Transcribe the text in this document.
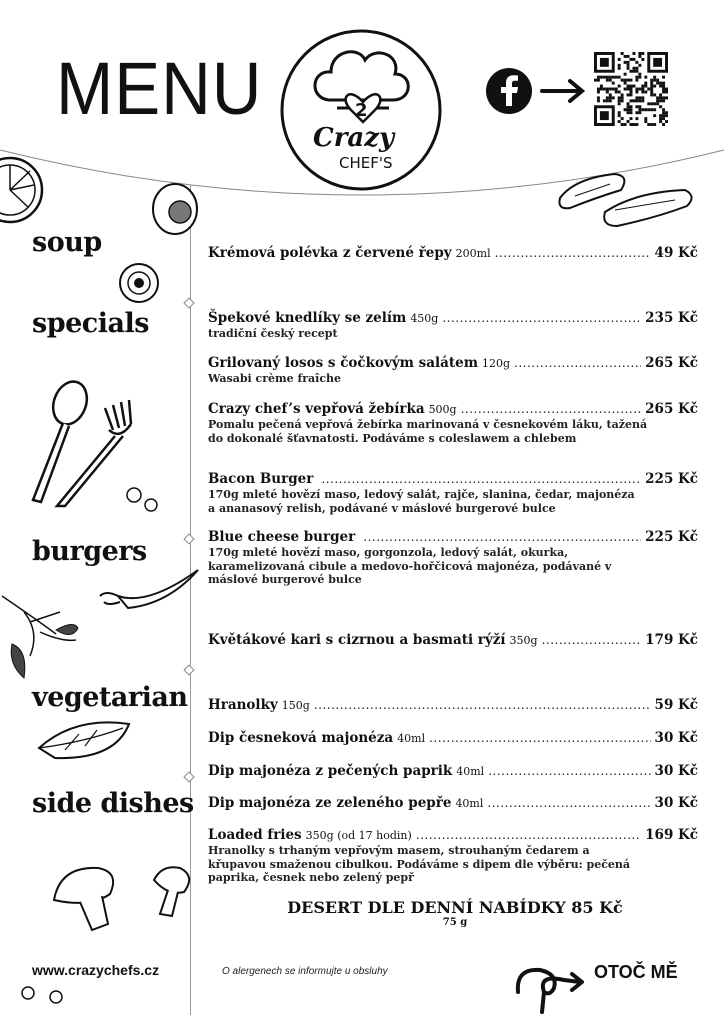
MENU	2
Crazy
CHEF'S
soup
specials
burgers
vegetarian
side dishes
Krémová polévka z červené řepy 200ml .....	49 Kč
Špekové knedlíky se zelím 450g .....	235 Kč
tradiční český recept
Grilovaný losos s čočkovým salátem 120g .....	265 Kč
Wasabi crème fraîche
Crazy chef’s vepřová žebírka 500g .....	265 Kč
Pomalu pečená vepřová žebírka marinovaná v česnekovém láku, tažená do dokonalé šťavnatosti. Podáváme s coleslawem a chlebem
Bacon Burger .....	225 Kč
170g mleté hovězí maso, ledový salát, rajče, slanina, čedar, majonéza a ananasový relish, podávané v máslové burgerové bulce
Blue cheese burger .....	225 Kč
170g mleté hovězí maso, gorgonzola, ledový salát, okurka, karamelizovaná cibule a medovo-hořčicová majonéza, podávané v máslové burgerové bulce
Květákové kari s cizrnou a basmati rýží 350g .....	179 Kč
Hranolky 150g .....	59 Kč
Dip česneková majonéza 40ml .....	30 Kč
Dip majonéza z pečených paprik 40ml .....	30 Kč
Dip majonéza ze zeleného pepře 40ml .....	30 Kč
Loaded fries 350g (od 17 hodin) .....	169 Kč
Hranolky s trhaným vepřovým masem, strouhaným čedarem a křupavou smaženou cibulkou. Podáváme s dipem dle výběru: pečená paprika, česnek nebo zelený pepř
DESERT DLE DENNÍ NABÍDKY 85 Kč
75 g
www.crazychefs.cz	O alergenech se informujte u obsluhy	OTOČ MĚ
